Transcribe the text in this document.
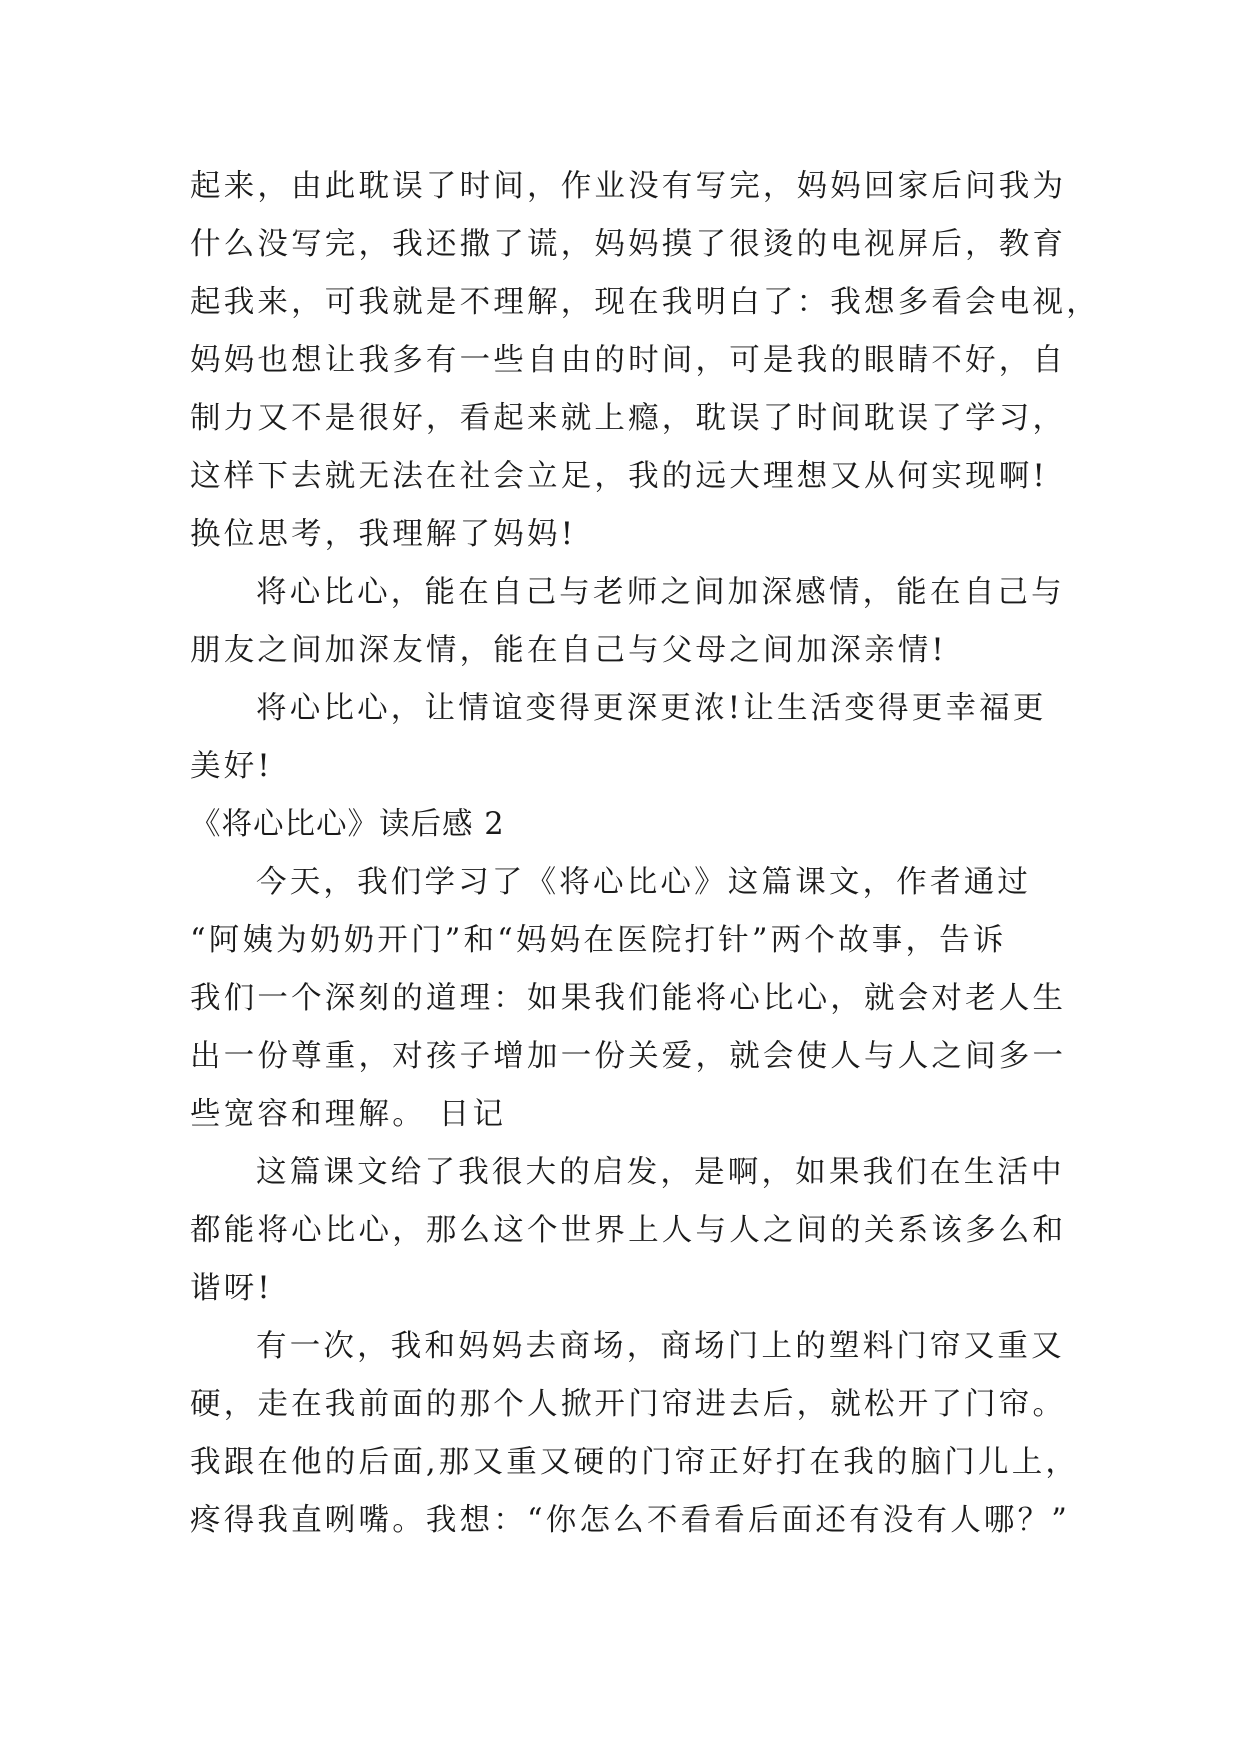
起来，由此耽误了时间，作业没有写完，妈妈回家后问我为
什么没写完，我还撒了谎，妈妈摸了很烫的电视屏后，教育
起我来，可我就是不理解，现在我明白了：我想多看会电视，
妈妈也想让我多有一些自由的时间，可是我的眼睛不好，自
制力又不是很好，看起来就上瘾，耽误了时间耽误了学习，
这样下去就无法在社会立足，我的远大理想又从何实现啊!
换位思考，我理解了妈妈!
将心比心，能在自己与老师之间加深感情，能在自己与
朋友之间加深友情，能在自己与父母之间加深亲情!
将心比心，让情谊变得更深更浓!让生活变得更幸福更
美好!
《将心比心》读后感 2
今天，我们学习了《将心比心》这篇课文，作者通过
“阿姨为奶奶开门”和“妈妈在医院打针”两个故事，告诉
我们一个深刻的道理：如果我们能将心比心，就会对老人生
出一份尊重，对孩子增加一份关爱，就会使人与人之间多一
些宽容和理解。 日记
这篇课文给了我很大的启发，是啊，如果我们在生活中
都能将心比心，那么这个世界上人与人之间的关系该多么和
谐呀!
有一次，我和妈妈去商场，商场门上的塑料门帘又重又
硬，走在我前面的那个人掀开门帘进去后，就松开了门帘。
我跟在他的后面,那又重又硬的门帘正好打在我的脑门儿上，
疼得我直咧嘴。我想：“你怎么不看看后面还有没有人哪？”
